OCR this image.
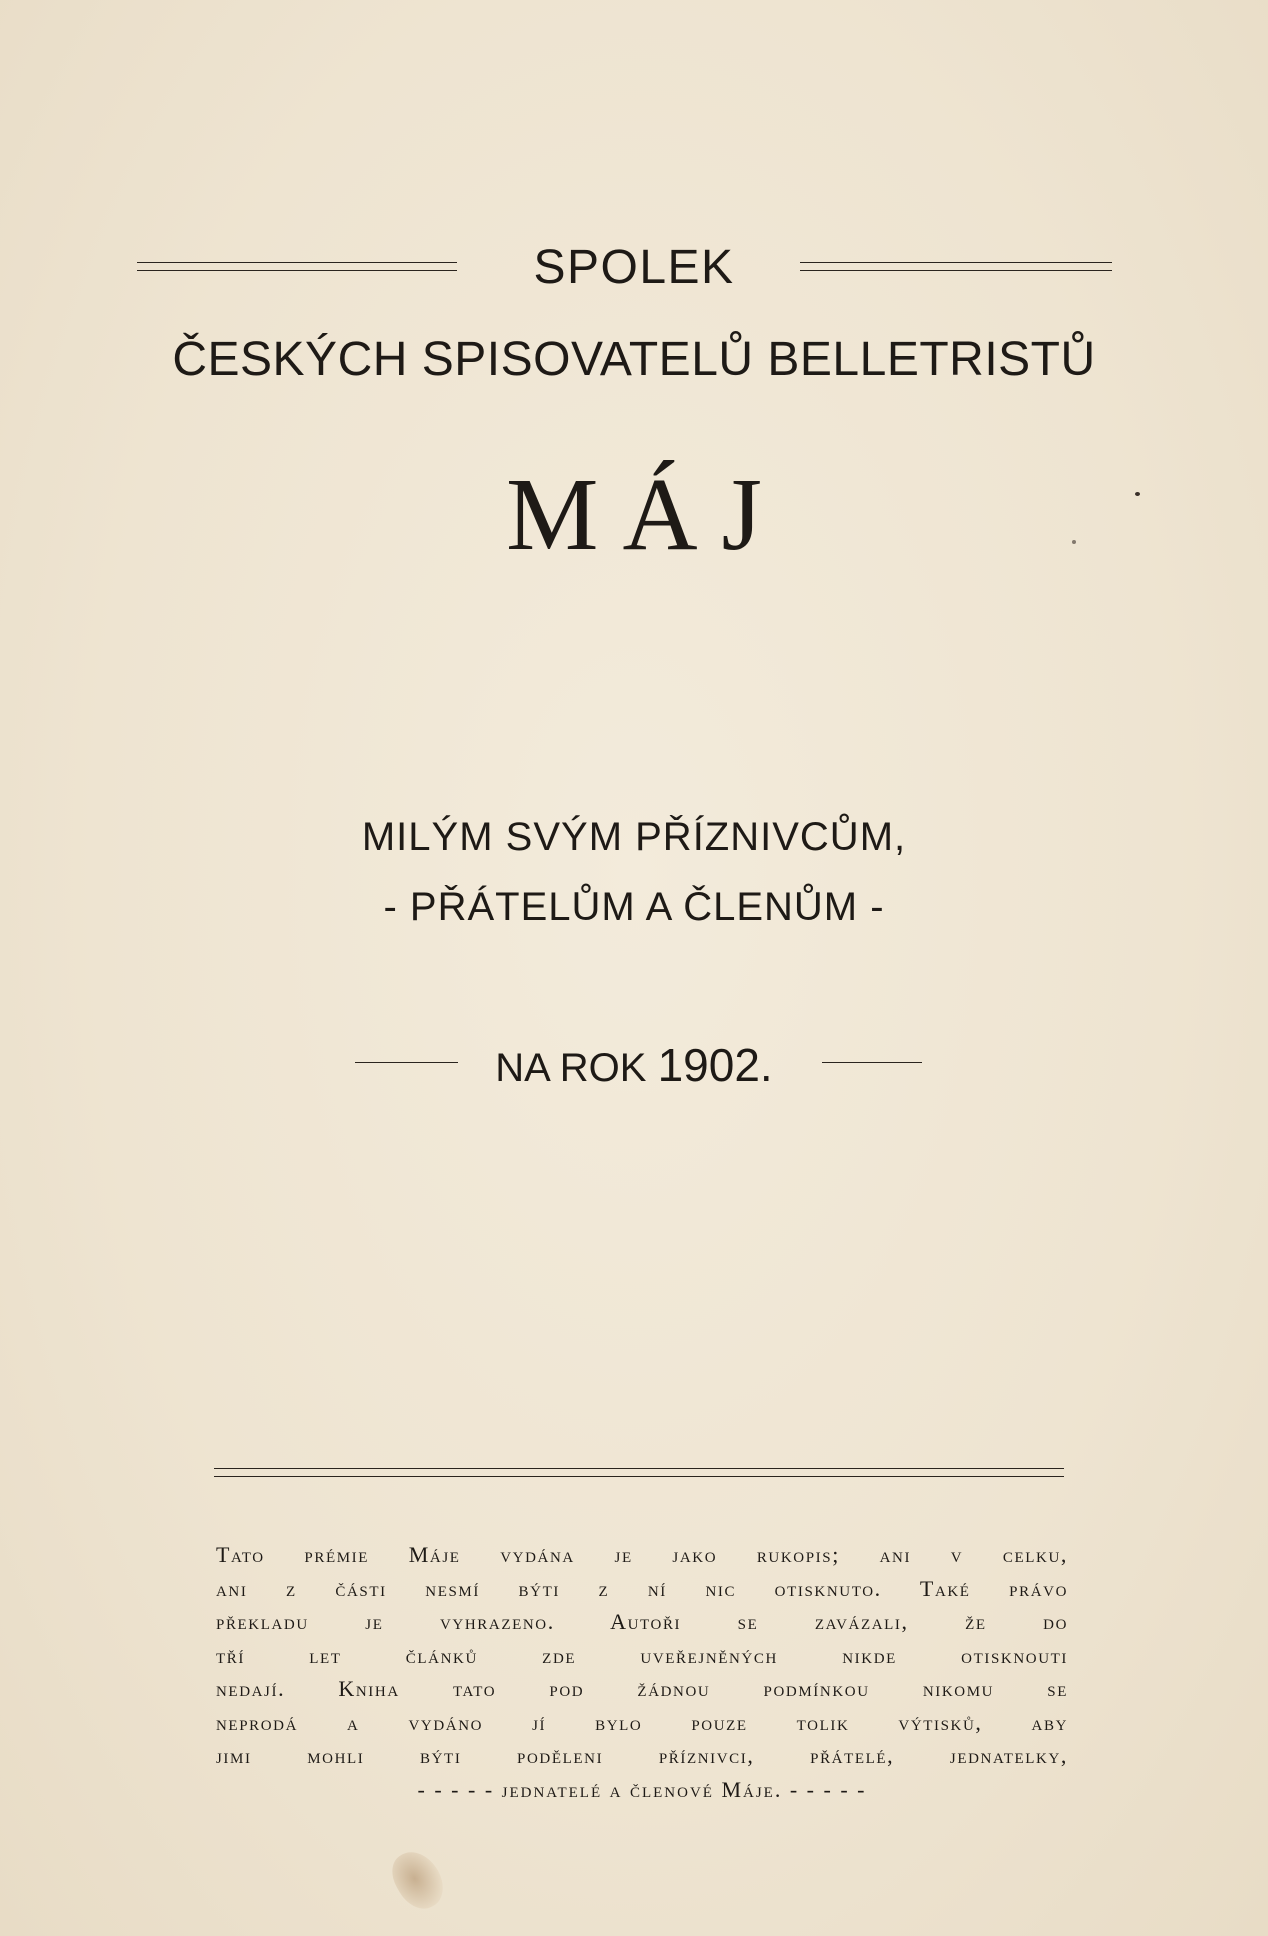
SPOLEK
ČESKÝCH SPISOVATELŮ BELLETRISTŮ
MÁJ
MILÝM SVÝM PŘÍZNIVCŮM,
- PŘÁTELŮM A ČLENŮM -
NA ROK 1902.
Tato prémie Máje vydána je jako rukopis; ani v celku,
ani z části nesmí býti z ní nic otisknuto. Také právo
překladu je vyhrazeno. Autoři se zavázali, že do
tří let článků zde uveřejněných nikde otisknouti
nedají. Kniha tato pod žádnou podmínkou nikomu se
neprodá a vydáno jí bylo pouze tolik výtisků, aby
jimi mohli býti poděleni příznivci, přátelé, jednatelky,
- - - - - jednatelé a členové Máje. - - - - -
